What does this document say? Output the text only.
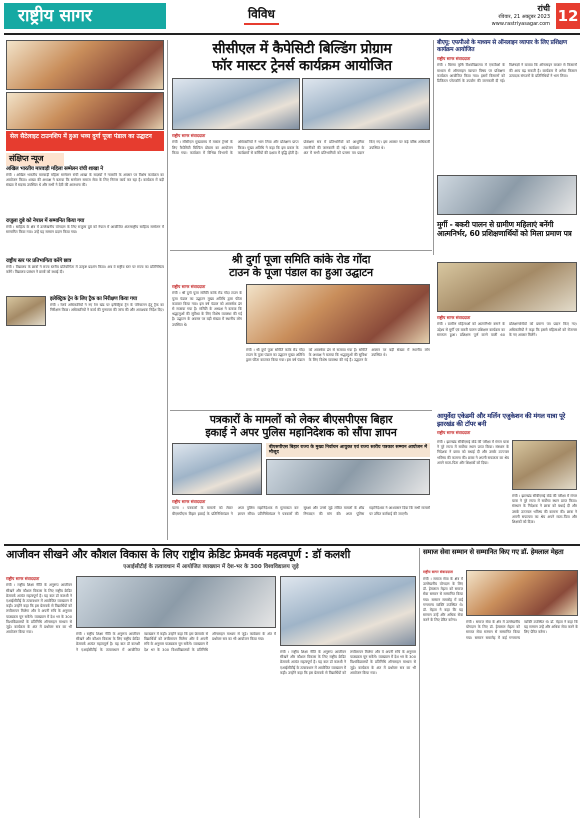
राष्ट्रीय सागर	विविध	रांची
रविवार, 21 अक्टूबर 2023
www.rastriyasagar.com 12
सेल सैटेलाइट टाउनशिप में हुआ भव्य दुर्गा पूजा पंडाल का उद्घाटन
संक्षिप्त न्यूज
अखिल भारतीय मारवाड़ी महिला सम्मेलन रांची शाखा ने
रांची । अखिल भारतीय मारवाड़ी महिला सम्मेलन रांची शाखा के सदस्यों ने नवरात्रि के अवसर पर विशेष कार्यक्रम का आयोजन किया। शाखा की अध्यक्ष ने बताया कि सम्मेलन समाज सेवा के लिए निरंतर कार्य कर रहा है। कार्यक्रम में बड़ी संख्या में सदस्य उपस्थित थे और सभी ने देवी की आराधना की।
राजुला दुबे को नेपाल में सम्मानित किया गया
रांची । साहित्य के क्षेत्र में उल्लेखनीय योगदान के लिए राजुला दुबे को नेपाल में आयोजित अंतरराष्ट्रीय साहित्य सम्मेलन में सम्मानित किया गया। उन्हें यह सम्मान प्रदान किया गया।
राष्ट्रीय स्तर पर प्रतिभागिता करेंगे छात्र
रांची । विद्यालय के छात्रों ने राज्य स्तरीय प्रतियोगिता में उत्कृष्ट प्रदर्शन किया। अब वे राष्ट्रीय स्तर पर राज्य का प्रतिनिधित्व करेंगे। विद्यालय प्रबंधन ने छात्रों को बधाई दी।
इलेक्ट्रिक ट्रेन के लिए ट्रैक का निरीक्षण किया गया
रांची । रेलवे अधिकारियों ने नए रेल खंड पर इलेक्ट्रिक ट्रेन के परिचालन हेतु ट्रैक का निरीक्षण किया। अधिकारियों ने कार्य की गुणवत्ता की जांच की और आवश्यक निर्देश दिए।
सीसीएल में कैपेसिटी बिल्डिंग प्रोग्राम
फॉर मास्टर ट्रेनर्स कार्यक्रम आयोजित
राष्ट्रीय सागर संवाददाता
रांची । सीसीएल मुख्यालय में मास्टर ट्रेनर्स के लिए कैपेसिटी बिल्डिंग प्रोग्राम का आयोजन किया गया। कार्यक्रम में विभिन्न विभागों के अधिकारियों ने भाग लिया और प्रशिक्षण प्राप्त किया। मुख्य अतिथि ने कहा कि इस प्रकार के कार्यक्रमों से कर्मियों की दक्षता में वृद्धि होती है। प्रशिक्षण सत्र में प्रतिभागियों को आधुनिक तकनीकों की जानकारी दी गई। कार्यक्रम के अंत में सभी प्रतिभागियों को प्रमाण पत्र प्रदान किए गए। इस अवसर पर कई वरिष्ठ अधिकारी उपस्थित थे।
बीएयू: एफपीओ के माध्यम से ऑनलाइन व्यापार के लिए प्रशिक्षण कार्यक्रम आयोजित
राष्ट्रीय सागर संवाददाता
रांची । बिरसा कृषि विश्वविद्यालय में एफपीओ के माध्यम से ऑनलाइन व्यापार विषय पर प्रशिक्षण कार्यक्रम आयोजित किया गया। इसमें किसानों को डिजिटल प्लेटफॉर्म के उपयोग की जानकारी दी गई। विशेषज्ञों ने बताया कि ऑनलाइन बाजार से किसानों की आय बढ़ सकती है। कार्यक्रम में अनेक किसान उत्पादक संगठनों के प्रतिनिधियों ने भाग लिया।
श्री दुर्गा पूजा समिति कांके रोड गोंदा
टाउन के पूजा पंडाल का हुआ उद्घाटन
राष्ट्रीय सागर संवाददाता
रांची । श्री दुर्गा पूजा समिति कांके रोड गोंदा टाउन के पूजा पंडाल का उद्घाटन मुख्य अतिथि द्वारा फीता काटकर किया गया। इस वर्ष पंडाल को आकर्षक ढंग से सजाया गया है। समिति के अध्यक्ष ने बताया कि श्रद्धालुओं की सुविधा के लिए विशेष व्यवस्था की गई है। उद्घाटन के अवसर पर बड़ी संख्या में स्थानीय लोग उपस्थित थे।
रांची । श्री दुर्गा पूजा समिति कांके रोड गोंदा टाउन के पूजा पंडाल का उद्घाटन मुख्य अतिथि द्वारा फीता काटकर किया गया। इस वर्ष पंडाल को आकर्षक ढंग से सजाया गया है। समिति के अध्यक्ष ने बताया कि श्रद्धालुओं की सुविधा के लिए विशेष व्यवस्था की गई है। उद्घाटन के अवसर पर बड़ी संख्या में स्थानीय लोग उपस्थित थे।
मुर्गी - बकरी पालन से ग्रामीण महिलाएं बनेंगी आत्मनिर्भर, 60 प्रशिक्षणार्थियों को मिला प्रमाण पत्र
राष्ट्रीय सागर संवाददाता
रांची । ग्रामीण महिलाओं को आत्मनिर्भर बनाने के उद्देश्य से मुर्गी एवं बकरी पालन प्रशिक्षण कार्यक्रम का समापन हुआ। प्रशिक्षण पूर्ण करने वाली 60 प्रशिक्षणार्थियों को प्रमाण पत्र प्रदान किए गए। अधिकारियों ने कहा कि इससे महिलाओं को रोजगार के नए अवसर मिलेंगे।
पत्रकारों के मामलों को लेकर बीएसपीएस बिहार
इकाई ने अपर पुलिस महानिदेशक को सौंपा ज्ञापन
बीएसपीएस बिहार राज्य के मुख्य निर्वाचन आयुक्त एवं राज्य स्तरीय पत्रकार सम्मान आयोजन में मौजूद
राष्ट्रीय सागर संवाददाता
पटना । पत्रकारों के मामलों को लेकर बीएसपीएस बिहार इकाई के प्रतिनिधिमंडल ने अपर पुलिस महानिदेशक से मुलाकात कर ज्ञापन सौंपा। प्रतिनिधिमंडल ने पत्रकारों की सुरक्षा और उनसे जुड़े लंबित मामलों के शीघ्र निष्पादन की मांग की। अपर पुलिस महानिदेशक ने आश्वासन दिया कि सभी मामलों पर उचित कार्रवाई की जाएगी।
आयुर्वेदा एकेडमी और मर्लिन एजुकेशन की मंगल यात्रा पूरे झारखंड की टॉपर बनी
राष्ट्रीय सागर संवाददाता
रांची । झारखंड सीबीएसई बोर्ड की परीक्षा में मंगल यात्रा ने पूरे राज्य में सर्वोच्च स्थान प्राप्त किया। संस्थान के निदेशक ने छात्रा को बधाई दी और उसके उज्ज्वल भविष्य की कामना की। छात्रा ने अपनी सफलता का श्रेय अपने माता-पिता और शिक्षकों को दिया।
रांची । झारखंड सीबीएसई बोर्ड की परीक्षा में मंगल यात्रा ने पूरे राज्य में सर्वोच्च स्थान प्राप्त किया। संस्थान के निदेशक ने छात्रा को बधाई दी और उसके उज्ज्वल भविष्य की कामना की। छात्रा ने अपनी सफलता का श्रेय अपने माता-पिता और शिक्षकों को दिया।
आजीवन सीखने और कौशल विकास के लिए राष्ट्रीय क्रेडिट फ्रेमवर्क महत्वपूर्ण : डॉ कलशी
एआईसीटीई के तत्वावधान में आयोजित व्याख्यान में देश-भर के 300 विश्वविद्यालय जुड़े
राष्ट्रीय सागर संवाददाता
रांची । राष्ट्रीय शिक्षा नीति के अनुरूप आजीवन सीखने और कौशल विकास के लिए राष्ट्रीय क्रेडिट फ्रेमवर्क अत्यंत महत्वपूर्ण है। यह बात डॉ कलशी ने एआईसीटीई के तत्वावधान में आयोजित व्याख्यान में कही। उन्होंने कहा कि इस फ्रेमवर्क से विद्यार्थियों को लचीलापन मिलेगा और वे अपनी रुचि के अनुसार पाठ्यक्रम चुन सकेंगे। व्याख्यान में देश भर के 300 विश्वविद्यालयों के प्रतिनिधि ऑनलाइन माध्यम से जुड़े। कार्यक्रम के अंत में प्रश्नोत्तर सत्र का भी आयोजन किया गया।	रांची । राष्ट्रीय शिक्षा नीति के अनुरूप आजीवन सीखने और कौशल विकास के लिए राष्ट्रीय क्रेडिट फ्रेमवर्क अत्यंत महत्वपूर्ण है। यह बात डॉ कलशी ने एआईसीटीई के तत्वावधान में आयोजित व्याख्यान में कही। उन्होंने कहा कि इस फ्रेमवर्क से विद्यार्थियों को लचीलापन मिलेगा और वे अपनी रुचि के अनुसार पाठ्यक्रम चुन सकेंगे। व्याख्यान में देश भर के 300 विश्वविद्यालयों के प्रतिनिधि ऑनलाइन माध्यम से जुड़े। कार्यक्रम के अंत में प्रश्नोत्तर सत्र का भी आयोजन किया गया।
रांची । राष्ट्रीय शिक्षा नीति के अनुरूप आजीवन सीखने और कौशल विकास के लिए राष्ट्रीय क्रेडिट फ्रेमवर्क अत्यंत महत्वपूर्ण है। यह बात डॉ कलशी ने एआईसीटीई के तत्वावधान में आयोजित व्याख्यान में कही। उन्होंने कहा कि इस फ्रेमवर्क से विद्यार्थियों को लचीलापन मिलेगा और वे अपनी रुचि के अनुसार पाठ्यक्रम चुन सकेंगे। व्याख्यान में देश भर के 300 विश्वविद्यालयों के प्रतिनिधि ऑनलाइन माध्यम से जुड़े। कार्यक्रम के अंत में प्रश्नोत्तर सत्र का भी आयोजन किया गया।
समाज सेवा सम्मान से सम्मानित किए गए डॉ. हेमलाल मेहता
राष्ट्रीय सागर संवाददाता
रांची । समाज सेवा के क्षेत्र में उल्लेखनीय योगदान के लिए डॉ. हेमलाल मेहता को समाज सेवा सम्मान से सम्मानित किया गया। सम्मान समारोह में कई गणमान्य व्यक्ति उपस्थित थे। डॉ. मेहता ने कहा कि यह सम्मान उन्हें और अधिक सेवा करने के लिए प्रेरित करेगा।	रांची । समाज सेवा के क्षेत्र में उल्लेखनीय योगदान के लिए डॉ. हेमलाल मेहता को समाज सेवा सम्मान से सम्मानित किया गया। सम्मान समारोह में कई गणमान्य व्यक्ति उपस्थित थे। डॉ. मेहता ने कहा कि यह सम्मान उन्हें और अधिक सेवा करने के लिए प्रेरित करेगा।
